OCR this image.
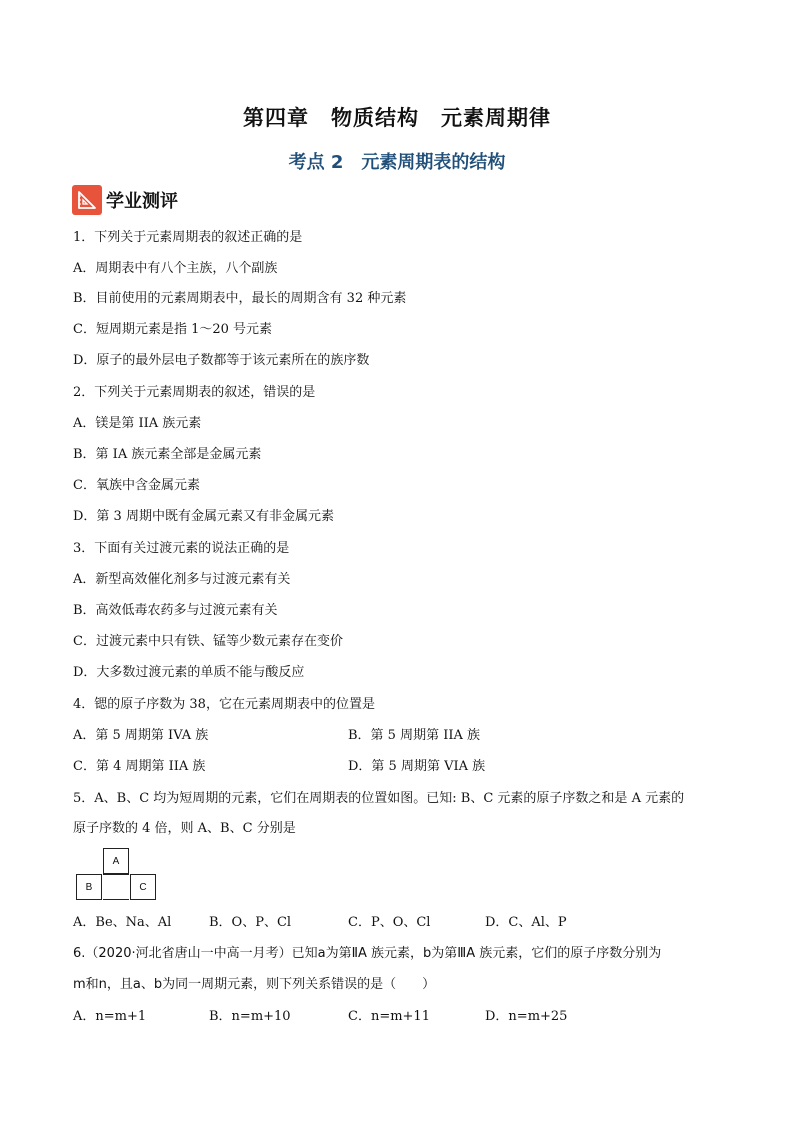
第四章　物质结构　元素周期律
考点 2　元素周期表的结构
学业测评
1．下列关于元素周期表的叙述正确的是
A．周期表中有八个主族，八个副族
B．目前使用的元素周期表中，最长的周期含有 32 种元素
C．短周期元素是指 1～20 号元素
D．原子的最外层电子数都等于该元素所在的族序数
2．下列关于元素周期表的叙述，错误的是
A．镁是第 IIA 族元素
B．第 IA 族元素全部是金属元素
C．氧族中含金属元素
D．第 3 周期中既有金属元素又有非金属元素
3．下面有关过渡元素的说法正确的是
A．新型高效催化剂多与过渡元素有关
B．高效低毒农药多与过渡元素有关
C．过渡元素中只有铁、锰等少数元素存在变价
D．大多数过渡元素的单质不能与酸反应
4．锶的原子序数为 38，它在元素周期表中的位置是
A．第 5 周期第 IVA 族	B．第 5 周期第 IIA 族
C．第 4 周期第 IIA 族	D．第 5 周期第 VIA 族
5．A、B、C 均为短周期的元素，它们在周期表的位置如图。已知: B、C 元素的原子序数之和是 A 元素的
原子序数的 4 倍，则 A、B、C 分别是
A
B	C
A．Be、Na、Al	B．O、P、Cl	C．P、O、Cl	D．C、Al、P
6.（2020·河北省唐山一中高一月考）已知a为第ⅡA 族元素，b为第ⅢA 族元素，它们的原子序数分别为
m和n，且a、b为同一周期元素，则下列关系错误的是（　　）
A．n=m+1	B．n=m+10	C．n=m+11	D．n=m+25
